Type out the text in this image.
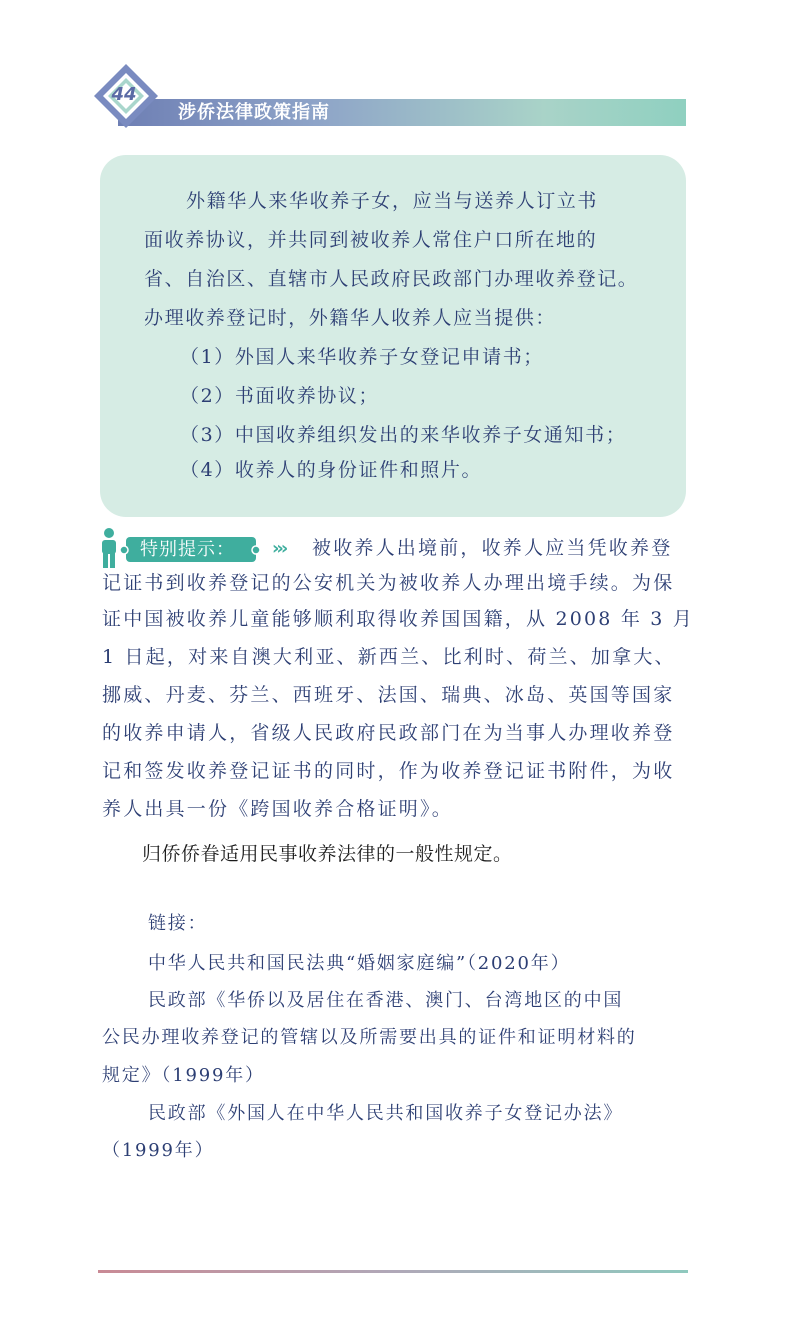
44
涉侨法律政策指南
外籍华人来华收养子女，应当与送养人订立书
面收养协议，并共同到被收养人常住户口所在地的
省、自治区、直辖市人民政府民政部门办理收养登记。
办理收养登记时，外籍华人收养人应当提供：
（1）外国人来华收养子女登记申请书；
（2）书面收养协议；
（3）中国收养组织发出的来华收养子女通知书；
（4）收养人的身份证件和照片。
特别提示： ››› 被收养人出境前，收养人应当凭收养登
记证书到收养登记的公安机关为被收养人办理出境手续。为保
证中国被收养儿童能够顺利取得收养国国籍，从 2008 年 3 月
1 日起，对来自澳大利亚、新西兰、比利时、荷兰、加拿大、
挪威、丹麦、芬兰、西班牙、法国、瑞典、冰岛、英国等国家
的收养申请人，省级人民政府民政部门在为当事人办理收养登
记和签发收养登记证书的同时，作为收养登记证书附件，为收
养人出具一份《跨国收养合格证明》。
归侨侨眷适用民事收养法律的一般性规定。
链接：
中华人民共和国民法典“婚姻家庭编”（2020年）
民政部《华侨以及居住在香港、澳门、台湾地区的中国
公民办理收养登记的管辖以及所需要出具的证件和证明材料的
规定》（1999年）
民政部《外国人在中华人民共和国收养子女登记办法》
（1999年）
